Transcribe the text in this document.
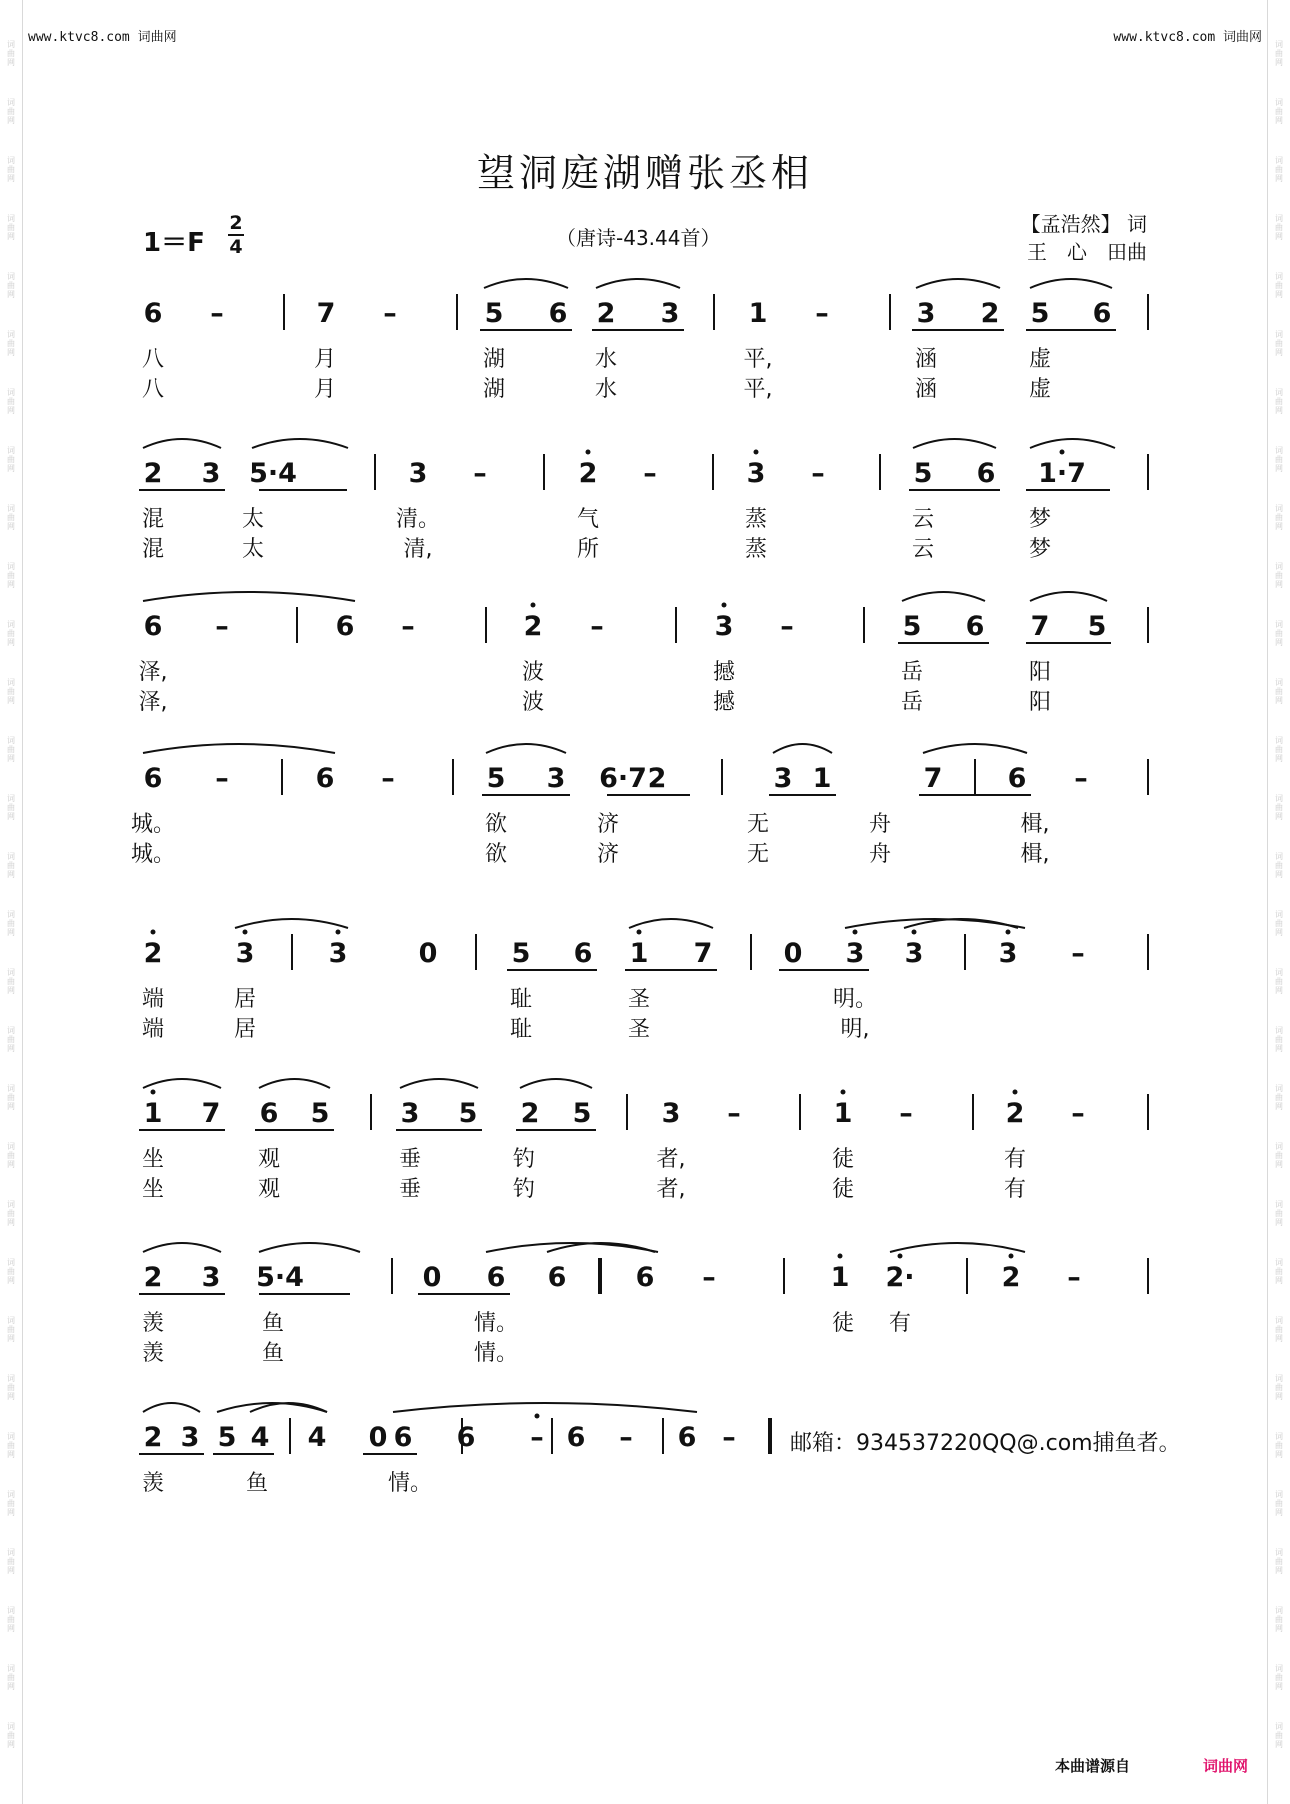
词
曲
网
词
曲
网
词
曲
网
词
曲
网
词
曲
网
词
曲
网
词
曲
网
词
曲
网
词
曲
网
词
曲
网
词
曲
网
词
曲
网
词
曲
网
词
曲
网
词
曲
网
词
曲
网
词
曲
网
词
曲
网
词
曲
网
词
曲
网
词
曲
网
词
曲
网
词
曲
网
词
曲
网
词
曲
网
词
曲
网
词
曲
网
词
曲
网
词
曲
网
词
曲
网
词
曲
网
词
曲
网
词
曲
网
词
曲
网
词
曲
网
词
曲
网
词
曲
网
词
曲
网
词
曲
网
词
曲
网
词
曲
网
词
曲
网
词
曲
网
词
曲
网
词
曲
网
词
曲
网
词
曲
网
词
曲
网
词
曲
网
词
曲
网
词
曲
网
词
曲
网
词
曲
网
词
曲
网
词
曲
网
词
曲
网
词
曲
网
词
曲
网
词
曲
网
词
曲
网
www.ktvc8.com 词曲网	www.ktvc8.com 词曲网
望洞庭湖赠张丞相
1＝F
2
4	（唐诗-43.44首）
【孟浩然】 词
王　心　田曲
6 –	7 –	5 6 2 3	1 –	3 2 5 6
八	月	湖	水	平,	涵	虚
八	月	湖	水	平,	涵	虚
2 3 5·4	3 –	2 –	3 –	5 6 1·7
混	太	清。	气	蒸	云	梦
混	太	清,	所	蒸	云	梦
6 –	6 –	2 –	3 –	5 6 7 5
泽,	波	撼	岳	阳
泽,	波	撼	岳	阳
6 –	6 –	5 3 6·7 2	3 1	7 6 –
城。	欲	济	无	舟	楫,
城。	欲	济	无	舟	楫,
2	3	3	0	5 6 1 7	0 3 3	3 –
端	居	耻	圣	明。
端	居	耻	圣	明,
1 7 6 5	3 5 2 5	3 –	1 –	2 –
坐	观	垂	钓	者,	徒	有
坐	观	垂	钓	者,	徒	有
2 3 5·4	0 6 6	6 –	1 2·	2 –
羡	鱼	情。	徒 有
羡	鱼	情。
2 3 5 4 4 0 6 6 – 6 – 6 –
羡	鱼	情。
邮箱：934537220QQ@.com捕鱼者。
本曲谱源自	词曲网
